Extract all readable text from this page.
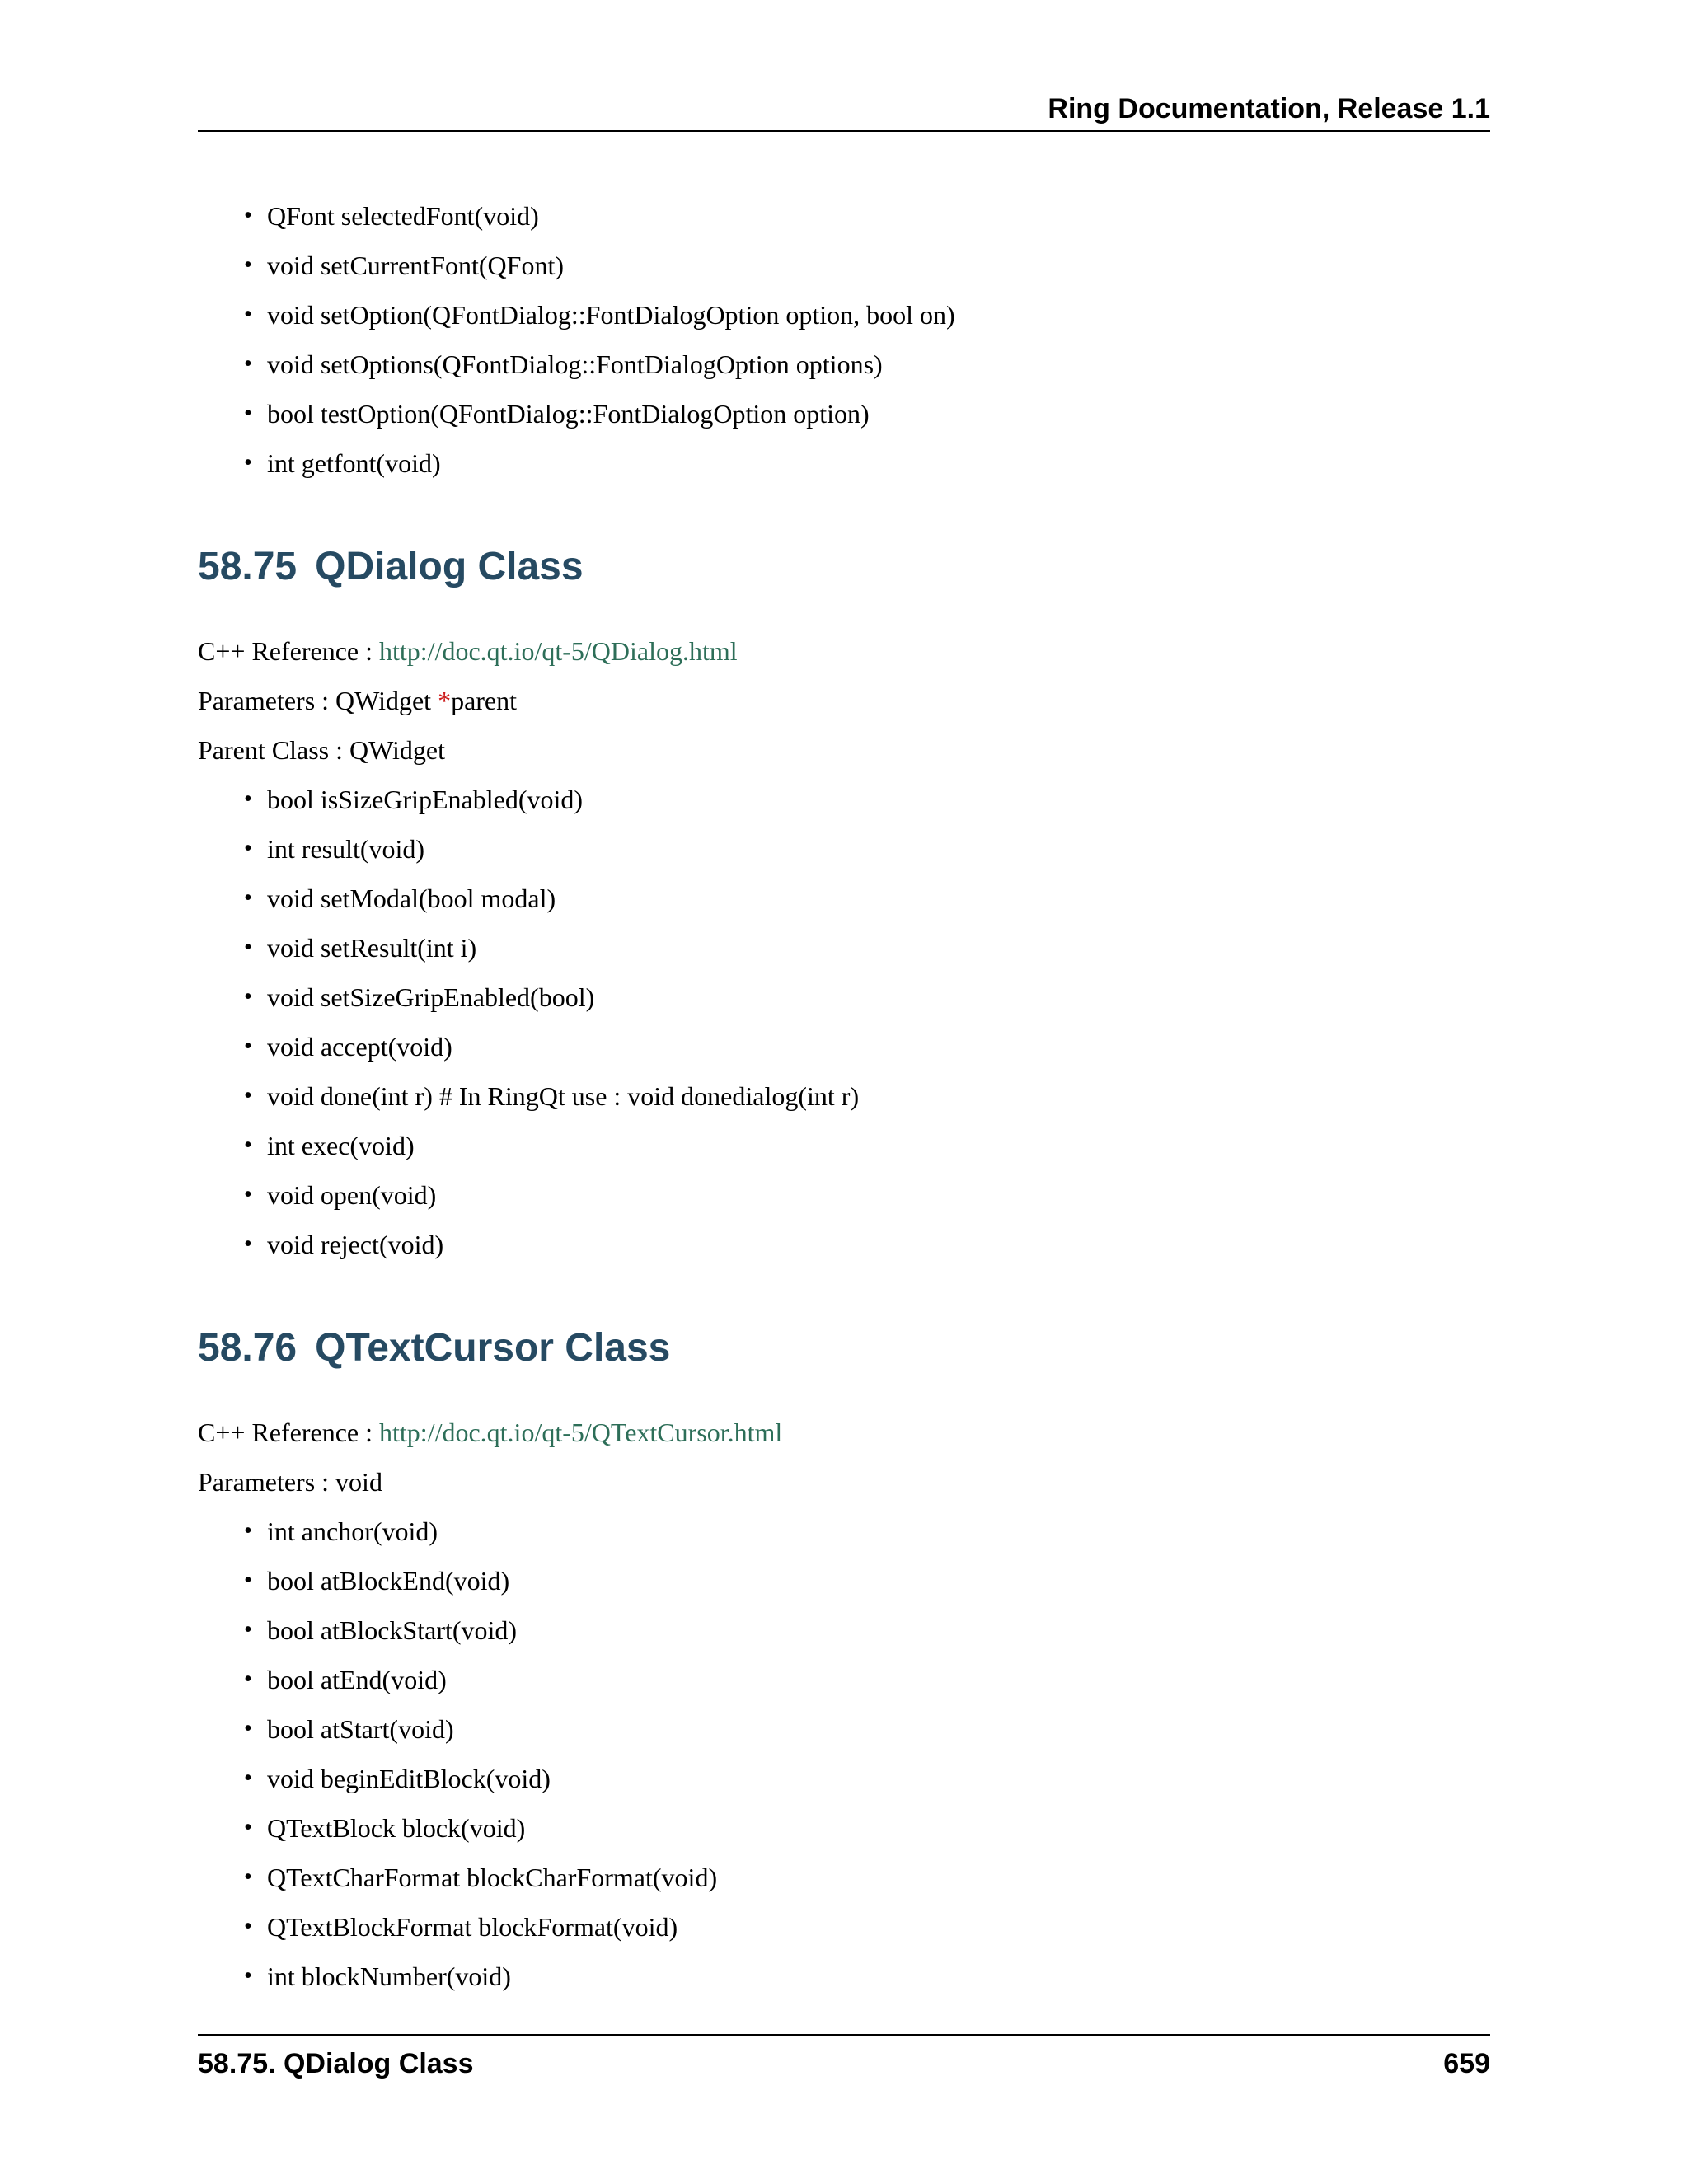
Ring Documentation, Release 1.1
• QFont selectedFont(void)
• void setCurrentFont(QFont)
• void setOption(QFontDialog::FontDialogOption option, bool on)
• void setOptions(QFontDialog::FontDialogOption options)
• bool testOption(QFontDialog::FontDialogOption option)
• int getfont(void)
58.75 QDialog Class
C++ Reference : http://doc.qt.io/qt-5/QDialog.html
Parameters : QWidget *parent
Parent Class : QWidget
• bool isSizeGripEnabled(void)
• int result(void)
• void setModal(bool modal)
• void setResult(int i)
• void setSizeGripEnabled(bool)
• void accept(void)
• void done(int r) # In RingQt use : void donedialog(int r)
• int exec(void)
• void open(void)
• void reject(void)
58.76 QTextCursor Class
C++ Reference : http://doc.qt.io/qt-5/QTextCursor.html
Parameters : void
• int anchor(void)
• bool atBlockEnd(void)
• bool atBlockStart(void)
• bool atEnd(void)
• bool atStart(void)
• void beginEditBlock(void)
• QTextBlock block(void)
• QTextCharFormat blockCharFormat(void)
• QTextBlockFormat blockFormat(void)
• int blockNumber(void)
58.75. QDialog Class	659
